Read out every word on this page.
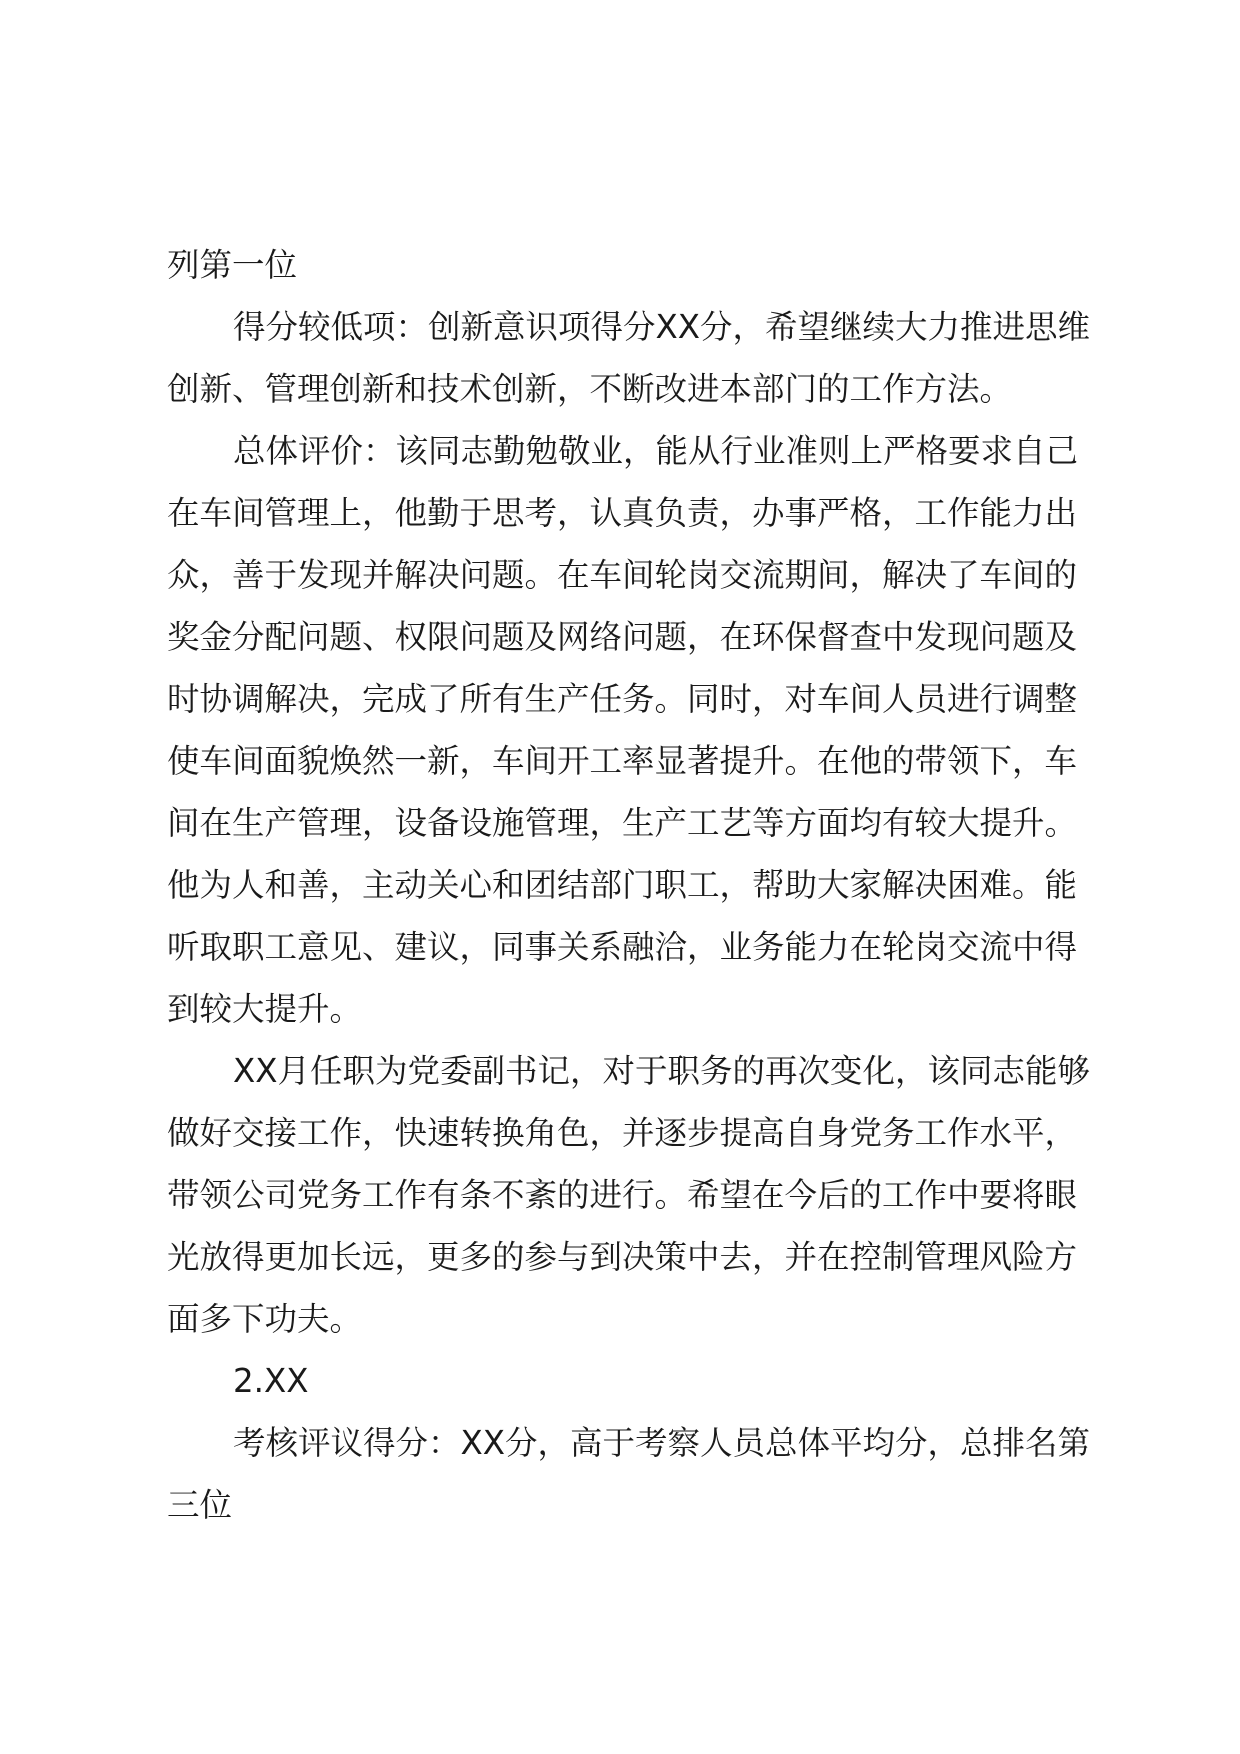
列第一位
得分较低项：创新意识项得分XX分，希望继续大力推进思维
创新、管理创新和技术创新，不断改进本部门的工作方法。
总体评价：该同志勤勉敬业，能从行业准则上严格要求自己
在车间管理上，他勤于思考，认真负责，办事严格，工作能力出
众，善于发现并解决问题。在车间轮岗交流期间，解决了车间的
奖金分配问题、权限问题及网络问题，在环保督查中发现问题及
时协调解决，完成了所有生产任务。同时，对车间人员进行调整
使车间面貌焕然一新，车间开工率显著提升。在他的带领下，车
间在生产管理，设备设施管理，生产工艺等方面均有较大提升。
他为人和善，主动关心和团结部门职工，帮助大家解决困难。能
听取职工意见、建议，同事关系融洽，业务能力在轮岗交流中得
到较大提升。
XX月任职为党委副书记，对于职务的再次变化，该同志能够
做好交接工作，快速转换角色，并逐步提高自身党务工作水平，
带领公司党务工作有条不紊的进行。希望在今后的工作中要将眼
光放得更加长远，更多的参与到决策中去，并在控制管理风险方
面多下功夫。
2.XX
考核评议得分：XX分，高于考察人员总体平均分，总排名第
三位
